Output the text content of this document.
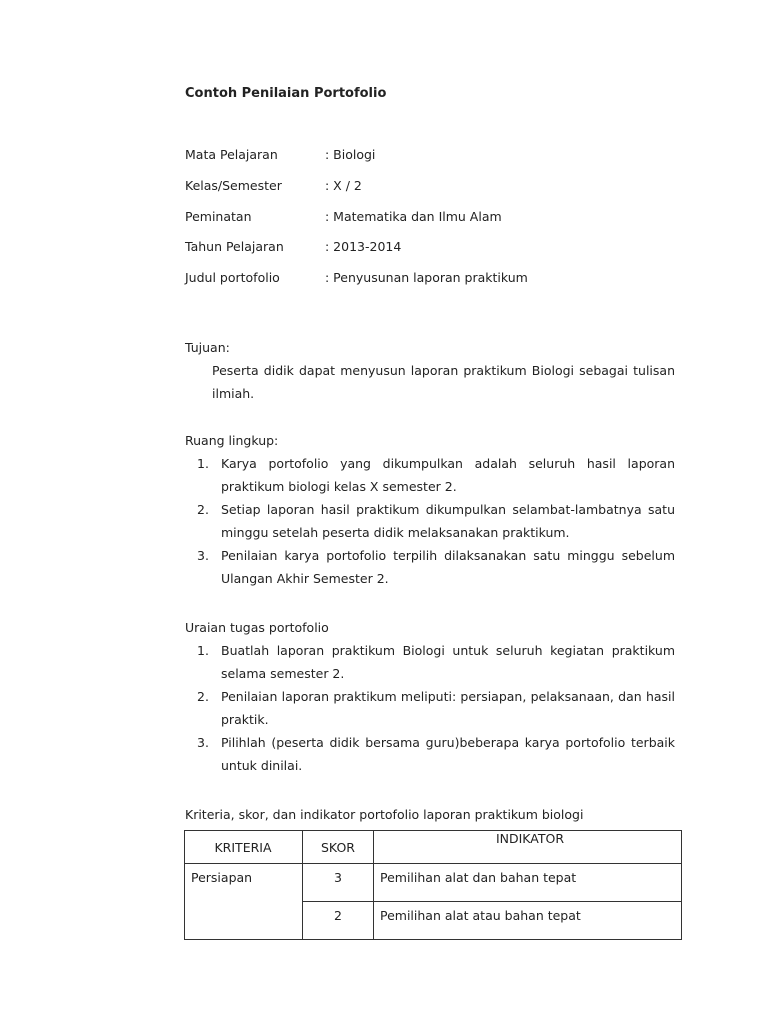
Contoh Penilaian Portofolio
Mata Pelajaran	: Biologi
Kelas/Semester	: X / 2
Peminatan	: Matematika dan Ilmu Alam
Tahun Pelajaran	: 2013-2014
Judul portofolio	: Penyusunan laporan praktikum
Tujuan:
Peserta didik dapat menyusun laporan praktikum Biologi sebagai tulisan ilmiah.
Ruang lingkup:
1. Karya portofolio yang dikumpulkan adalah seluruh hasil laporan praktikum biologi kelas X semester 2.
2. Setiap laporan hasil praktikum dikumpulkan selambat-lambatnya satu minggu setelah peserta didik melaksanakan praktikum.
3. Penilaian karya portofolio terpilih dilaksanakan satu minggu sebelum Ulangan Akhir Semester 2.
Uraian tugas portofolio
1. Buatlah laporan praktikum Biologi untuk seluruh kegiatan praktikum selama semester 2.
2. Penilaian laporan praktikum meliputi: persiapan, pelaksanaan, dan hasil praktik.
3. Pilihlah (peserta didik bersama guru)beberapa karya portofolio terbaik untuk dinilai.
Kriteria, skor, dan indikator portofolio laporan praktikum biologi
KRITERIA	SKOR	INDIKATOR
Persiapan	3	Pemilihan alat dan bahan tepat
	2	Pemilihan alat atau bahan tepat
